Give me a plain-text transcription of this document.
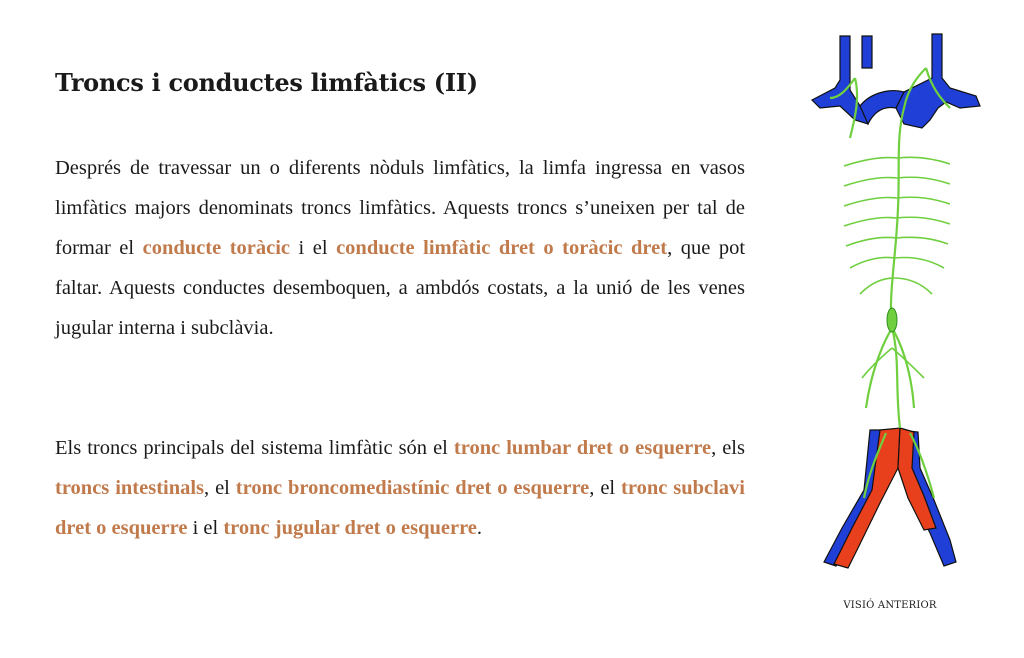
Troncs i conductes limfàtics (II)

Després de travessar un o diferents nòduls limfàtics, la limfa ingressa en vasos limfàtics majors denominats troncs limfàtics. Aquests troncs s’uneixen per tal de formar el conducte toràcic i el conducte limfàtic dret o toràcic dret, que pot faltar. Aquests conductes desemboquen, a ambdós costats, a la unió de les venes jugular interna i subclàvia.

Els troncs principals del sistema limfàtic són el tronc lumbar dret o esquerre, els troncs intestinals, el tronc broncomediastínic dret o esquerre, el tronc subclavi dret o esquerre i el tronc jugular dret o esquerre.

VISIÓ ANTERIOR
